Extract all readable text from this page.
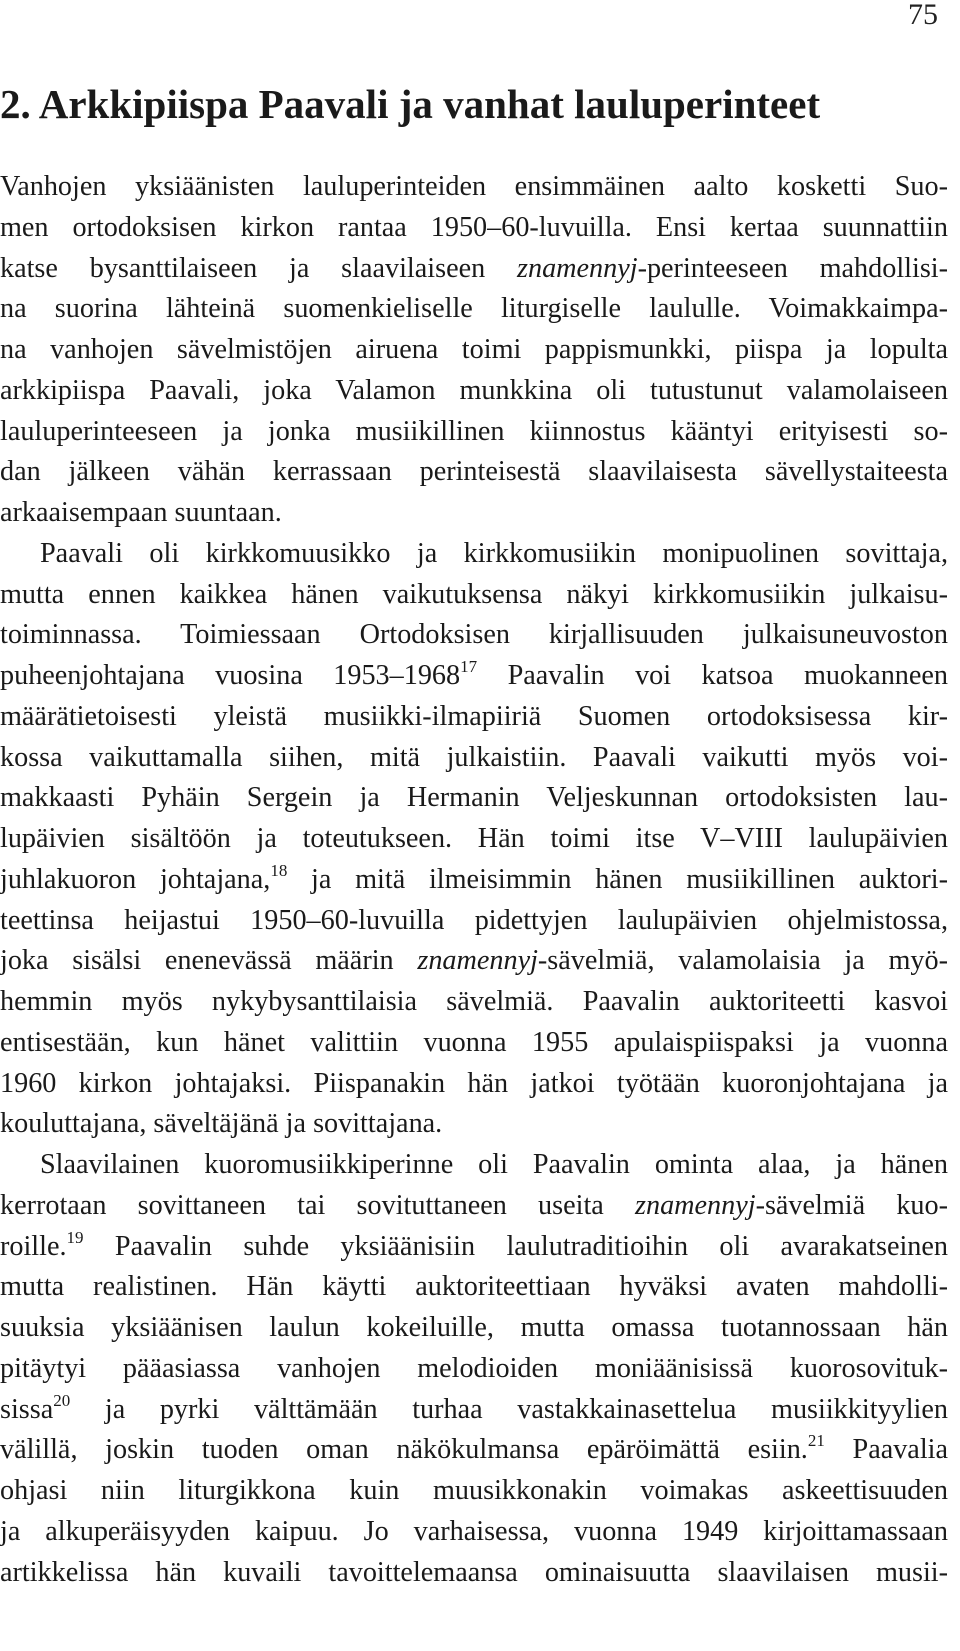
75
2. Arkkipiispa Paavali ja vanhat lauluperinteet
Vanhojen yksiäänisten lauluperinteiden ensimmäinen aalto kosketti Suo-
men ortodoksisen kirkon rantaa 1950–60-luvuilla. Ensi kertaa suunnattiin
katse bysanttilaiseen ja slaavilaiseen znamennyj-perinteeseen mahdollisi-
na suorina lähteinä suomenkieliselle liturgiselle laululle. Voimakkaimpa-
na vanhojen sävelmistöjen airuena toimi pappismunkki, piispa ja lopulta
arkkipiispa Paavali, joka Valamon munkkina oli tutustunut valamolaiseen
lauluperinteeseen ja jonka musiikillinen kiinnostus kääntyi erityisesti so-
dan jälkeen vähän kerrassaan perinteisestä slaavilaisesta sävellystaiteesta
arkaaisempaan suuntaan.
Paavali oli kirkkomuusikko ja kirkkomusiikin monipuolinen sovittaja,
mutta ennen kaikkea hänen vaikutuksensa näkyi kirkkomusiikin julkaisu-
toiminnassa. Toimiessaan Ortodoksisen kirjallisuuden julkaisuneuvoston
puheenjohtajana vuosina 1953–1968$^{17}$ Paavalin voi katsoa muokanneen
määrätietoisesti yleistä musiikki-ilmapiiriä Suomen ortodoksisessa kir-
kossa vaikuttamalla siihen, mitä julkaistiin. Paavali vaikutti myös voi-
makkaasti Pyhäin Sergein ja Hermanin Veljeskunnan ortodoksisten lau-
lupäivien sisältöön ja toteutukseen. Hän toimi itse V–VIII laulupäivien
juhlakuoron johtajana,$^{18}$ ja mitä ilmeisimmin hänen musiikillinen auktori-
teettinsa heijastui 1950–60-luvuilla pidettyjen laulupäivien ohjelmistossa,
joka sisälsi enenevässä määrin znamennyj-sävelmiä, valamolaisia ja myö-
hemmin myös nykybysanttilaisia sävelmiä. Paavalin auktoriteetti kasvoi
entisestään, kun hänet valittiin vuonna 1955 apulaispiispaksi ja vuonna
1960 kirkon johtajaksi. Piispanakin hän jatkoi työtään kuoronjohtajana ja
kouluttajana, säveltäjänä ja sovittajana.
Slaavilainen kuoromusiikkiperinne oli Paavalin ominta alaa, ja hänen
kerrotaan sovittaneen tai sovituttaneen useita znamennyj-sävelmiä kuo-
roille.$^{19}$ Paavalin suhde yksiäänisiin laulutraditioihin oli avarakatseinen
mutta realistinen. Hän käytti auktoriteettiaan hyväksi avaten mahdolli-
suuksia yksiäänisen laulun kokeiluille, mutta omassa tuotannossaan hän
pitäytyi pääasiassa vanhojen melodioiden moniäänisissä kuorosovituk-
sissa$^{20}$ ja pyrki välttämään turhaa vastakkainasettelua musiikkityylien
välillä, joskin tuoden oman näkökulmansa epäröimättä esiin.$^{21}$ Paavalia
ohjasi niin liturgikkona kuin muusikkonakin voimakas askeettisuuden
ja alkuperäisyyden kaipuu. Jo varhaisessa, vuonna 1949 kirjoittamassaan
artikkelissa hän kuvaili tavoittelemaansa ominaisuutta slaavilaisen musii-
